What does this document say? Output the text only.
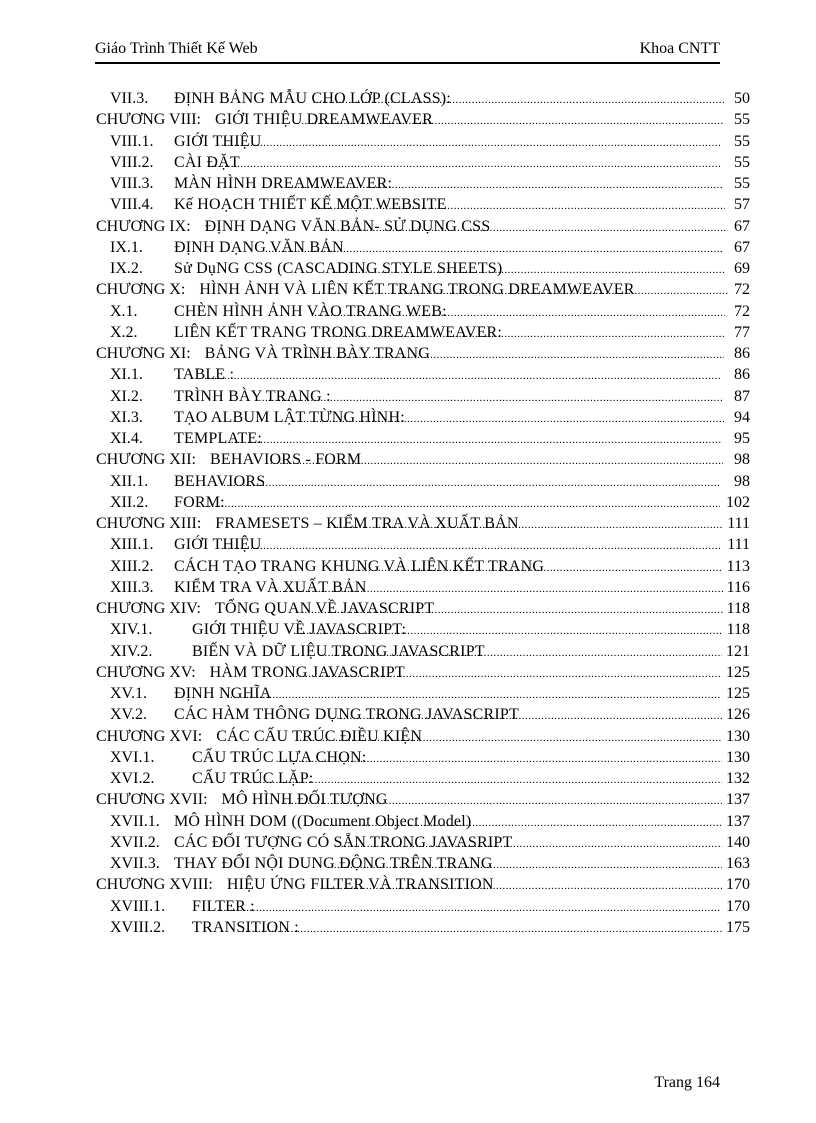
Giáo Trình Thiết Kế Web	Khoa CNTT
VII.3.	ĐỊNH BẢNG MẪU CHO LỚP (CLASS): .....	50
CHƯƠNG VIII: GIỚI THIỆU DREAMWEAVER .....	55
VIII.1.	GIỚI THIỆU .....	55
VIII.2.	CÀI ĐẶT .....	55
VIII.3.	MÀN HÌNH DREAMWEAVER: .....	55
VIII.4.	Kế HOẠCH THIẾT KẾ MỘT WEBSITE .....	57
CHƯƠNG IX: ĐỊNH DẠNG VĂN BẢN- SỬ DỤNG CSS .....	67
IX.1.	ĐỊNH DẠNG VĂN BẢN .....	67
IX.2.	Sử DụNG CSS (CASCADING STYLE SHEETS) .....	69
CHƯƠNG X: HÌNH ẢNH VÀ LIÊN KẾT TRANG TRONG DREAMWEAVER .....	72
X.1.	CHÈN HÌNH ẢNH VÀO TRANG WEB: .....	72
X.2.	LIÊN KẾT TRANG TRONG DREAMWEAVER: .....	77
CHƯƠNG XI: BẢNG VÀ TRÌNH BÀY TRANG .....	86
XI.1.	TABLE : .....	86
XI.2.	TRÌNH BÀY TRANG : .....	87
XI.3.	TẠO ALBUM LẬT TỪNG HÌNH: .....	94
XI.4.	TEMPLATE: .....	95
CHƯƠNG XII: BEHAVIORS - FORM .....	98
XII.1.	BEHAVIORS .....	98
XII.2.	FORM: .....	102
CHƯƠNG XIII: FRAMESETS – KIỂM TRA VÀ XUẤT BẢN .....	111
XIII.1.	GIỚI THIỆU .....	111
XIII.2.	CÁCH TẠO TRANG KHUNG VÀ LIÊN KẾT TRANG .....	113
XIII.3.	KIỂM TRA VÀ XUẤT BẢN .....	116
CHƯƠNG XIV: TỔNG QUAN VỀ JAVASCRIPT .....	118
XIV.1.	GIỚI THIỆU VỀ JAVASCRIPT: .....	118
XIV.2.	BIẾN VÀ DỮ LIỆU TRONG JAVASCRIPT .....	121
CHƯƠNG XV: HÀM TRONG JAVASCRIPT .....	125
XV.1.	ĐỊNH NGHĨA .....	125
XV.2.	CÁC HÀM THÔNG DỤNG TRONG JAVASCRIPT .....	126
CHƯƠNG XVI: CÁC CẤU TRÚC ĐIỀU KIỆN .....	130
XVI.1.	CẤU TRÚC LỰA CHỌN: .....	130
XVI.2.	CẤU TRÚC LẶP: .....	132
CHƯƠNG XVII: MÔ HÌNH ĐỐI TƯỢNG .....	137
XVII.1. MÔ HÌNH DOM ((Document Object Model) .....	137
XVII.2. CÁC ĐỐI TƯỢNG CÓ SẴN TRONG JAVASRIPT .....	140
XVII.3. THAY ĐỔI NỘI DUNG ĐỘNG TRÊN TRANG .....	163
CHƯƠNG XVIII: HIỆU ỨNG FILTER VÀ TRANSITION .....	170
XVIII.1.	FILTER : .....	170
XVIII.2.	TRANSITION : .....	175
Trang 164
